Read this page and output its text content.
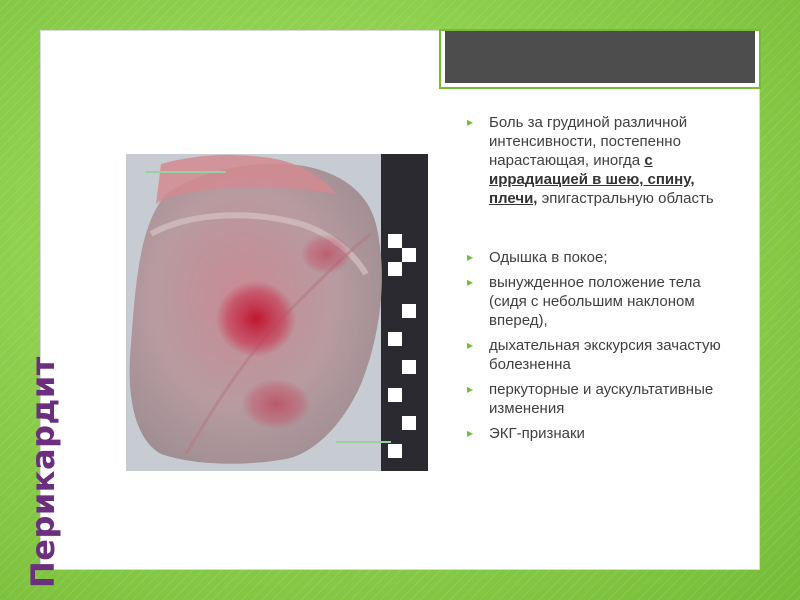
▸ Боль за грудиной различной интенсивности, постепенно нарастающая, иногда с иррадиацией в шею, спину, плечи, эпигастральную область
▸ Одышка в покое;
▸ вынужденное положение тела (сидя с небольшим наклоном вперед),
▸ дыхательная экскурсия зачастую болезненна
▸ перкуторные и аускультативные изменения
▸ ЭКГ-признаки
Перикардит
